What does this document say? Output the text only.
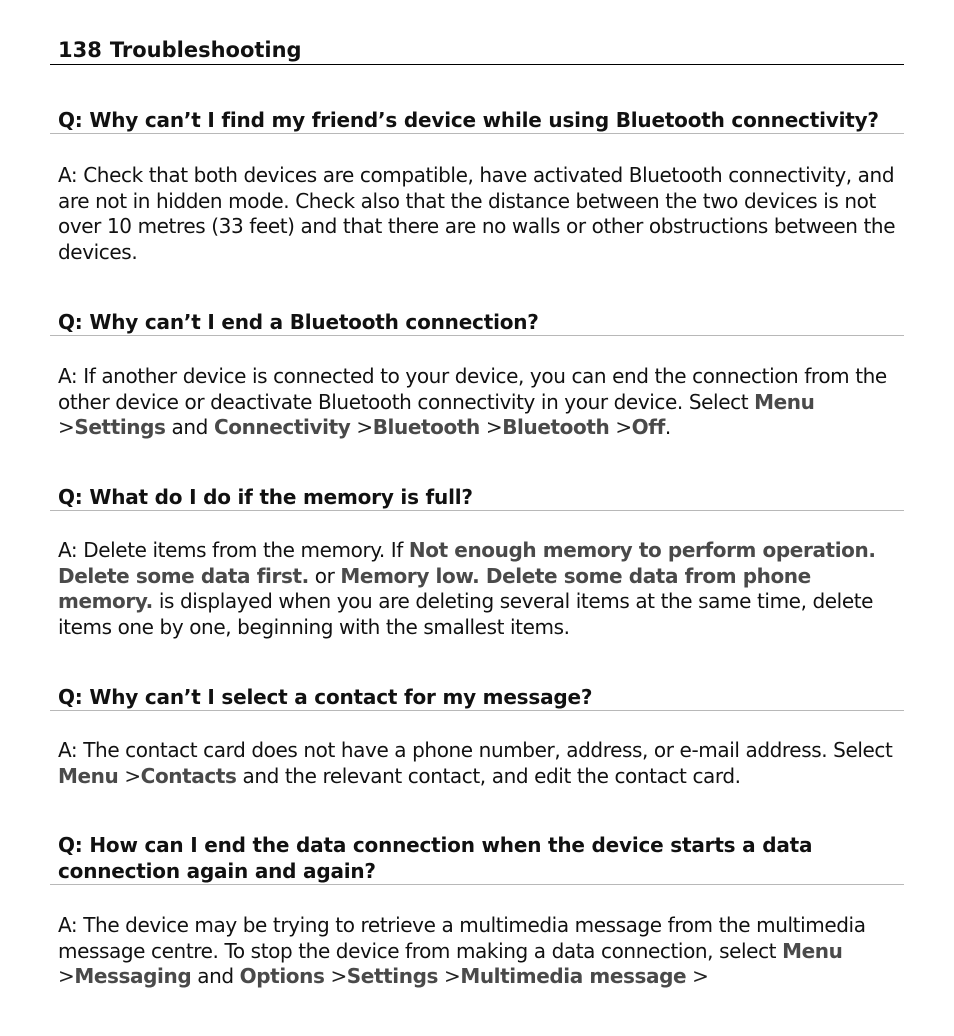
138 Troubleshooting
Q: Why can’t I find my friend’s device while using Bluetooth connectivity?
A: Check that both devices are compatible, have activated Bluetooth connectivity, and are not in hidden mode. Check also that the distance between the two devices is not over 10 metres (33 feet) and that there are no walls or other obstructions between the devices.
Q: Why can’t I end a Bluetooth connection?
A: If another device is connected to your device, you can end the connection from the other device or deactivate Bluetooth connectivity in your device. Select Menu >Settings and Connectivity >Bluetooth >Bluetooth >Off.
Q: What do I do if the memory is full?
A: Delete items from the memory. If Not enough memory to perform operation. Delete some data first. or Memory low. Delete some data from phone memory. is displayed when you are deleting several items at the same time, delete items one by one, beginning with the smallest items.
Q: Why can’t I select a contact for my message?
A: The contact card does not have a phone number, address, or e-mail address. Select Menu >Contacts and the relevant contact, and edit the contact card.
Q: How can I end the data connection when the device starts a data
connection again and again?
A: The device may be trying to retrieve a multimedia message from the multimedia message centre. To stop the device from making a data connection, select Menu >Messaging and Options >Settings >Multimedia message >
